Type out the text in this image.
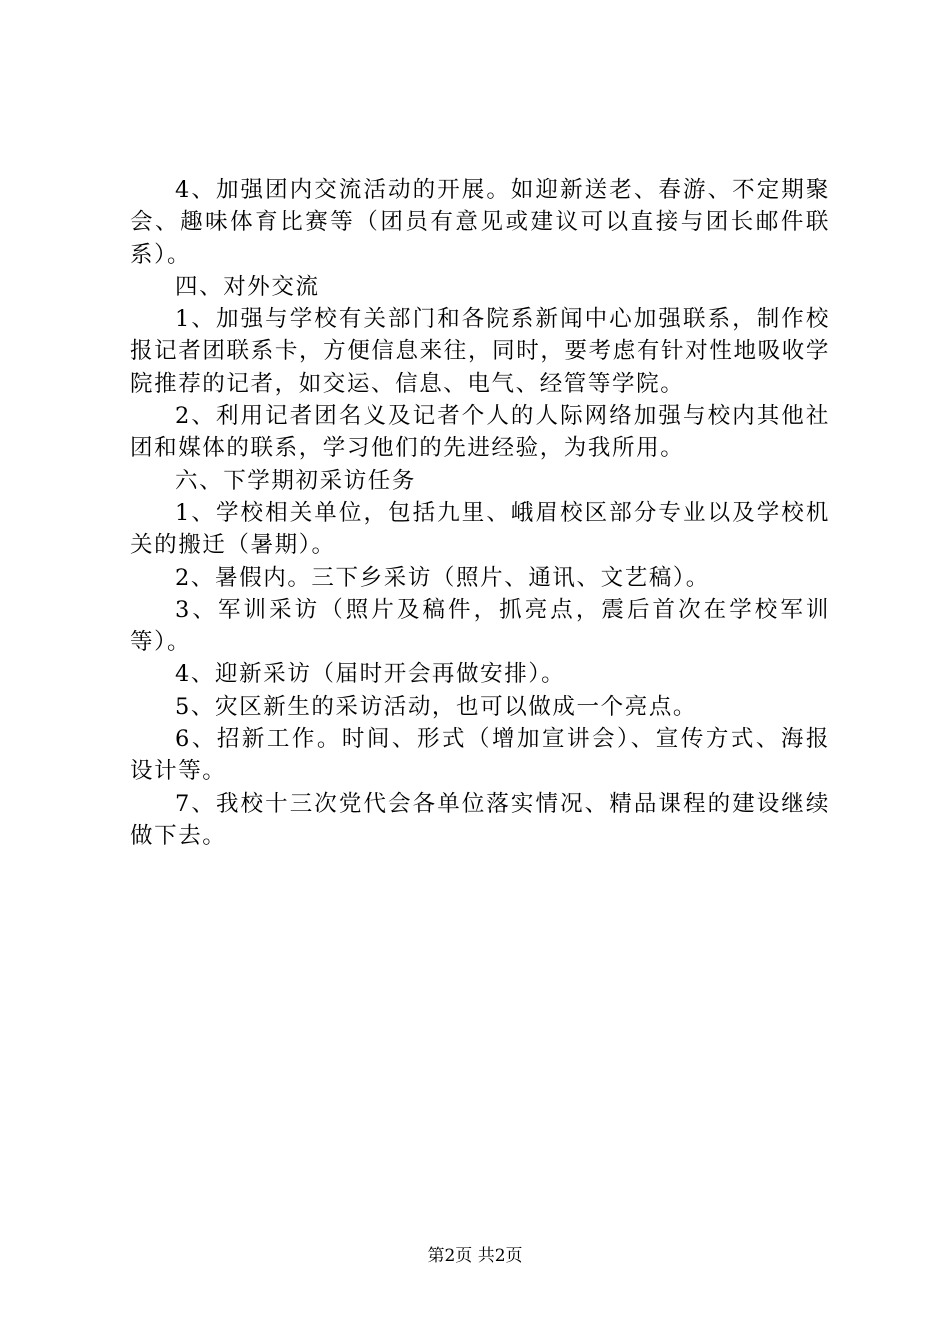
4、加强团内交流活动的开展。如迎新送老、春游、不定期聚会、趣味体育比赛等（团员有意见或建议可以直接与团长邮件联系）。

四、对外交流

1、加强与学校有关部门和各院系新闻中心加强联系，制作校报记者团联系卡，方便信息来往，同时，要考虑有针对性地吸收学院推荐的记者，如交运、信息、电气、经管等学院。

2、利用记者团名义及记者个人的人际网络加强与校内其他社团和媒体的联系，学习他们的先进经验，为我所用。

六、下学期初采访任务

1、学校相关单位，包括九里、峨眉校区部分专业以及学校机关的搬迁（暑期）。

2、暑假内。三下乡采访（照片、通讯、文艺稿）。

3、军训采访（照片及稿件，抓亮点，震后首次在学校军训等）。

4、迎新采访（届时开会再做安排）。

5、灾区新生的采访活动，也可以做成一个亮点。

6、招新工作。时间、形式（增加宣讲会）、宣传方式、海报设计等。

7、我校十三次党代会各单位落实情况、精品课程的建设继续做下去。

第2页 共2页
